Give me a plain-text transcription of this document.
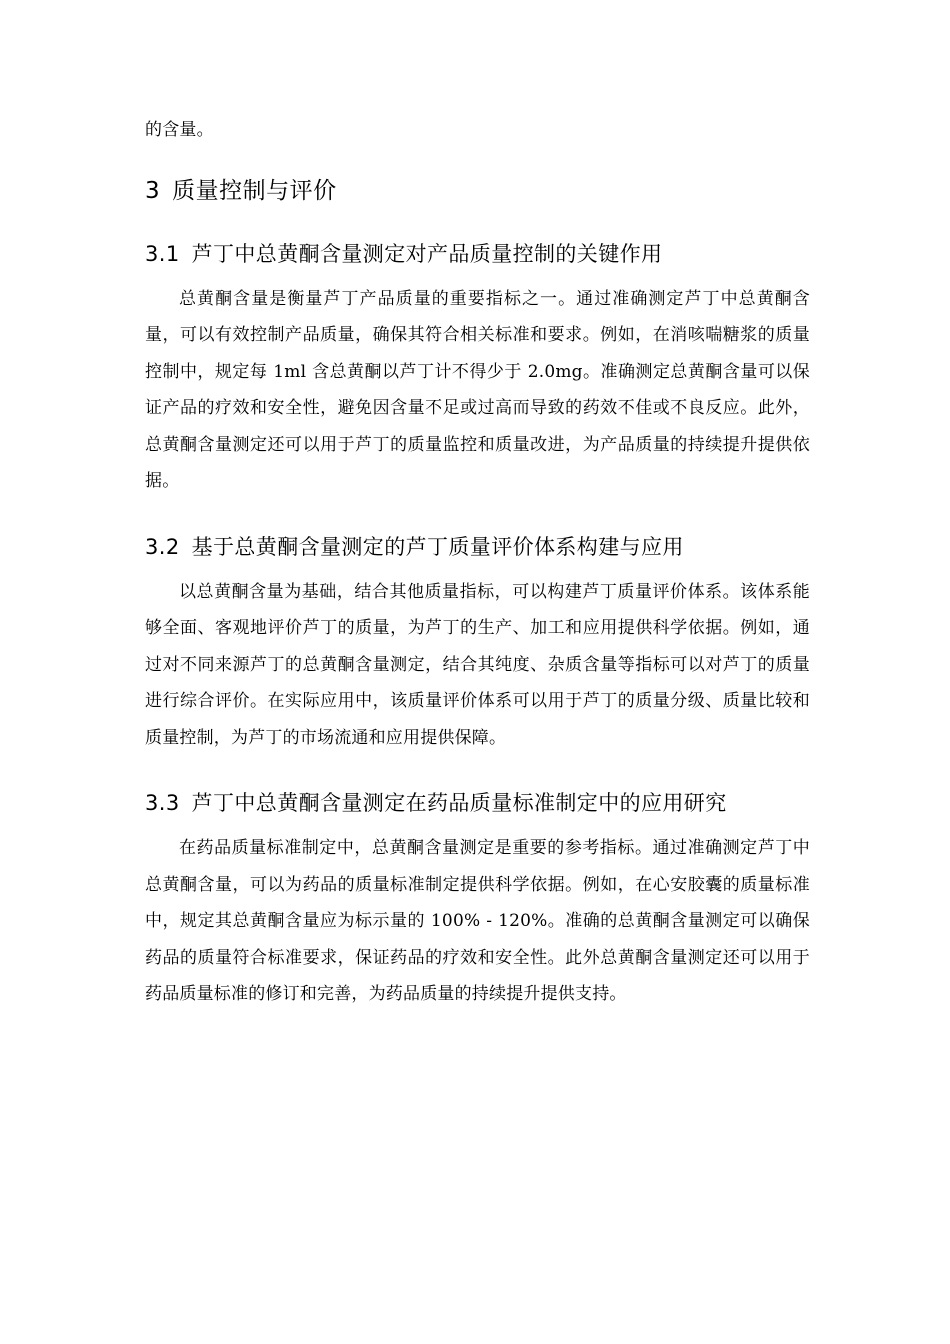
的含量。

3 质量控制与评价
3.1 芦丁中总黄酮含量测定对产品质量控制的关键作用

总黄酮含量是衡量芦丁产品质量的重要指标之一。通过准确测定芦丁中总黄酮含量，可以有效控制产品质量，确保其符合相关标准和要求。例如，在消咳喘糖浆的质量控制中，规定每 1ml 含总黄酮以芦丁计不得少于 2.0mg。准确测定总黄酮含量可以保证产品的疗效和安全性，避免因含量不足或过高而导致的药效不佳或不良反应。此外，总黄酮含量测定还可以用于芦丁的质量监控和质量改进，为产品质量的持续提升提供依据。

3.2 基于总黄酮含量测定的芦丁质量评价体系构建与应用

以总黄酮含量为基础，结合其他质量指标，可以构建芦丁质量评价体系。该体系能够全面、客观地评价芦丁的质量，为芦丁的生产、加工和应用提供科学依据。例如，通过对不同来源芦丁的总黄酮含量测定，结合其纯度、杂质含量等指标可以对芦丁的质量进行综合评价。在实际应用中，该质量评价体系可以用于芦丁的质量分级、质量比较和质量控制，为芦丁的市场流通和应用提供保障。

3.3 芦丁中总黄酮含量测定在药品质量标准制定中的应用研究

在药品质量标准制定中，总黄酮含量测定是重要的参考指标。通过准确测定芦丁中总黄酮含量，可以为药品的质量标准制定提供科学依据。例如，在心安胶囊的质量标准中，规定其总黄酮含量应为标示量的 100% - 120%。准确的总黄酮含量测定可以确保药品的质量符合标准要求，保证药品的疗效和安全性。此外总黄酮含量测定还可以用于药品质量标准的修订和完善，为药品质量的持续提升提供支持。
